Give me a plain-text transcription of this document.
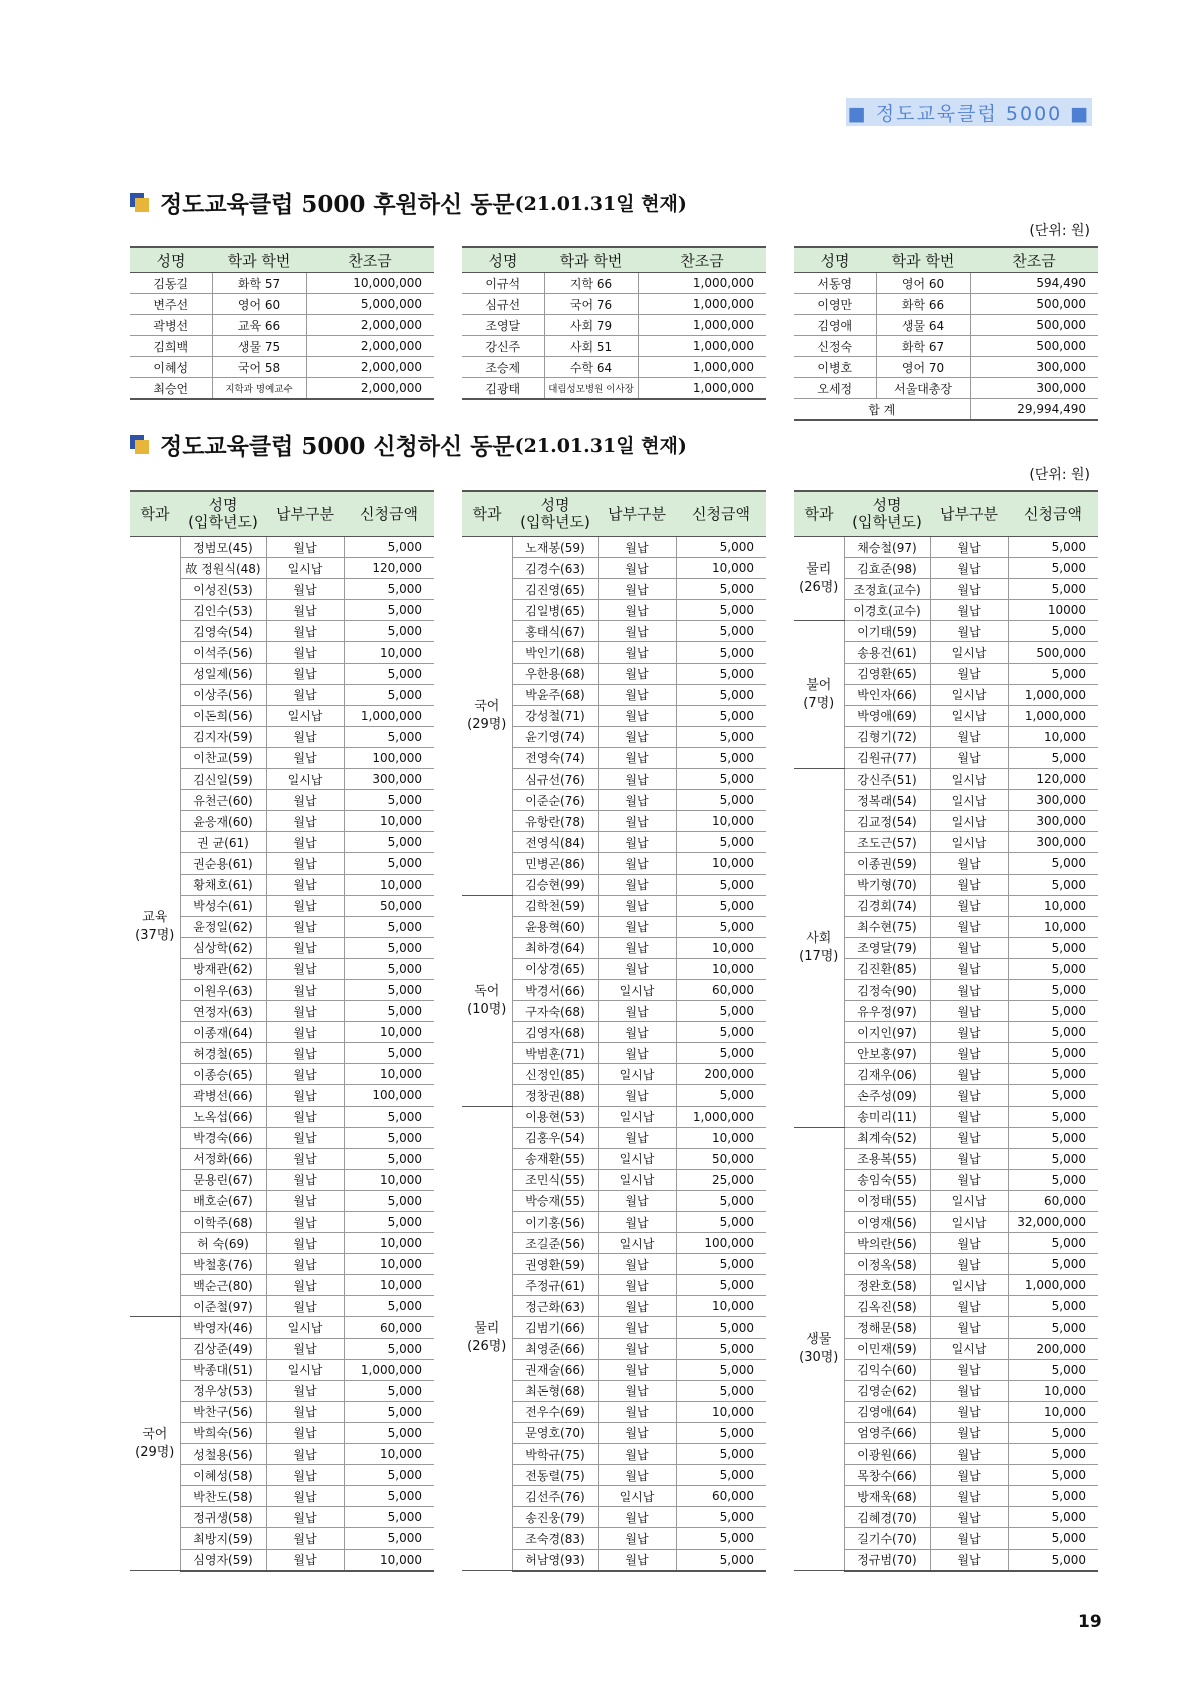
■ 정도교육클럽 5000 ■
정도교육클럽 5000 후원하신 동문 (21.01.31일 현재)
(단위: 원)
성명	학과 학번	찬조금
김동길	화학 57	10,000,000
변주선	영어 60	5,000,000
곽병선	교육 66	2,000,000
김희백	생물 75	2,000,000
이혜성	국어 58	2,000,000
최승언	지학과 명예교수	2,000,000
성명	학과 학번	찬조금
이규석	지학 66	1,000,000
심규선	국어 76	1,000,000
조영달	사회 79	1,000,000
강신주	사회 51	1,000,000
조승제	수학 64	1,000,000
김광태	대림성모병원 이사장	1,000,000
성명	학과 학번	찬조금
서동영	영어 60	594,490
이영만	화학 66	500,000
김영애	생물 64	500,000
신정숙	화학 67	500,000
이병호	영어 70	300,000
오세정	서울대총장	300,000
합 계		29,994,490
정도교육클럽 5000 신청하신 동문 (21.01.31일 현재)
(단위: 원)
학과	성명
(입학년도)	납부구분	신청금액

교육
(37명)	정범모(45)	월납	5,000
	故 정원식(48)	일시납	120,000
	이성진(53)	월납	5,000
	김인수(53)	월납	5,000
	김영숙(54)	월납	5,000
	이석주(56)	월납	10,000
	성일제(56)	월납	5,000
	이상주(56)	월납	5,000
	이돈희(56)	일시납	1,000,000
	김지자(59)	월납	5,000
	이찬교(59)	월납	100,000
	김신일(59)	일시납	300,000
	유천근(60)	월납	5,000
	윤응재(60)	월납	10,000
	권 균(61)	월납	5,000
	권순용(61)	월납	5,000
	황채호(61)	월납	10,000
	박성수(61)	월납	50,000
	윤정일(62)	월납	5,000
	심상학(62)	월납	5,000
	방재관(62)	월납	5,000
	이원우(63)	월납	5,000
	연정자(63)	월납	5,000
	이종재(64)	월납	10,000
	허경철(65)	월납	5,000
	이종승(65)	월납	10,000
	곽병선(66)	월납	100,000
	노옥섭(66)	월납	5,000
	박경숙(66)	월납	5,000
	서정화(66)	월납	5,000
	문용린(67)	월납	10,000
	배호순(67)	월납	5,000
	이학주(68)	월납	5,000
	허 숙(69)	월납	10,000
	박철홍(76)	월납	10,000
	백순근(80)	월납	10,000
	이준철(97)	월납	5,000

국어
(29명)	박영자(46)	일시납	60,000
	김상준(49)	월납	5,000
	박종대(51)	일시납	1,000,000
	정우상(53)	월납	5,000
	박찬구(56)	월납	5,000
	박희숙(56)	월납	5,000
	성철용(56)	월납	10,000
	이혜성(58)	월납	5,000
	박찬도(58)	월납	5,000
	정귀생(58)	월납	5,000
	최방지(59)	월납	5,000
	심영자(59)	월납	10,000
학과	성명
(입학년도)	납부구분	신청금액

국어
(29명)	노재봉(59)	월납	5,000
	김경수(63)	월납	10,000
	김진영(65)	월납	5,000
	김일병(65)	월납	5,000
	홍태식(67)	월납	5,000
	박인기(68)	월납	5,000
	우한용(68)	월납	5,000
	박윤주(68)	월납	5,000
	강성철(71)	월납	5,000
	윤기영(74)	월납	5,000
	전영숙(74)	월납	5,000
	심규선(76)	월납	5,000
	이준순(76)	월납	5,000
	유항란(78)	월납	10,000
	전영식(84)	월납	5,000
	민병곤(86)	월납	10,000
	김승현(99)	월납	5,000

독어
(10명)	김학천(59)	월납	5,000
	윤용혁(60)	월납	5,000
	최하경(64)	월납	10,000
	이상경(65)	월납	10,000
	박경서(66)	일시납	60,000
	구자숙(68)	월납	5,000
	김영자(68)	월납	5,000
	박범훈(71)	월납	5,000
	신정인(85)	일시납	200,000
	정창권(88)	월납	5,000

물리
(26명)	이용현(53)	일시납	1,000,000
	김홍우(54)	월납	10,000
	송재환(55)	일시납	50,000
	조민식(55)	일시납	25,000
	박승재(55)	월납	5,000
	이기홍(56)	월납	5,000
	조길준(56)	일시납	100,000
	권영환(59)	월납	5,000
	주정규(61)	월납	5,000
	정근화(63)	월납	10,000
	김범기(66)	월납	5,000
	최영준(66)	월납	5,000
	권재술(66)	월납	5,000
	최돈형(68)	월납	5,000
	전우수(69)	월납	10,000
	문영호(70)	월납	5,000
	박학규(75)	월납	5,000
	전동렬(75)	월납	5,000
	김선주(76)	일시납	60,000
	송진웅(79)	월납	5,000
	조숙경(83)	월납	5,000
	허남영(93)	월납	5,000
학과	성명
(입학년도)	납부구분	신청금액

물리
(26명)	채승철(97)	월납	5,000
	김효준(98)	월납	5,000
	조정효(교수)	월납	5,000
	이경호(교수)	월납	10000

불어
(7명)	이기태(59)	월납	5,000
	송용건(61)	일시납	500,000
	김영환(65)	월납	5,000
	박인자(66)	일시납	1,000,000
	박영애(69)	일시납	1,000,000
	김형기(72)	월납	10,000
	김원규(77)	월납	5,000

사회
(17명)	강신주(51)	일시납	120,000
	정복래(54)	일시납	300,000
	김교정(54)	일시납	300,000
	조도근(57)	일시납	300,000
	이종권(59)	월납	5,000
	박기형(70)	월납	5,000
	김경회(74)	월납	10,000
	최수현(75)	월납	10,000
	조영달(79)	월납	5,000
	김진환(85)	월납	5,000
	김정숙(90)	월납	5,000
	유우정(97)	월납	5,000
	이지인(97)	월납	5,000
	안보홍(97)	월납	5,000
	김재우(06)	월납	5,000
	손주성(09)	월납	5,000
	송미리(11)	월납	5,000

생물
(30명)	최계숙(52)	월납	5,000
	조용복(55)	월납	5,000
	송임숙(55)	월납	5,000
	이정태(55)	일시납	60,000
	이영재(56)	일시납	32,000,000
	박의란(56)	월납	5,000
	이정옥(58)	월납	5,000
	정완호(58)	일시납	1,000,000
	김옥진(58)	월납	5,000
	정해문(58)	월납	5,000
	이민재(59)	일시납	200,000
	김익수(60)	월납	5,000
	김영순(62)	월납	10,000
	김영애(64)	월납	10,000
	엄영주(66)	월납	5,000
	이광원(66)	월납	5,000
	목창수(66)	월납	5,000
	방재욱(68)	월납	5,000
	김혜경(70)	월납	5,000
	길기수(70)	월납	5,000
	정규범(70)	월납	5,000
19
